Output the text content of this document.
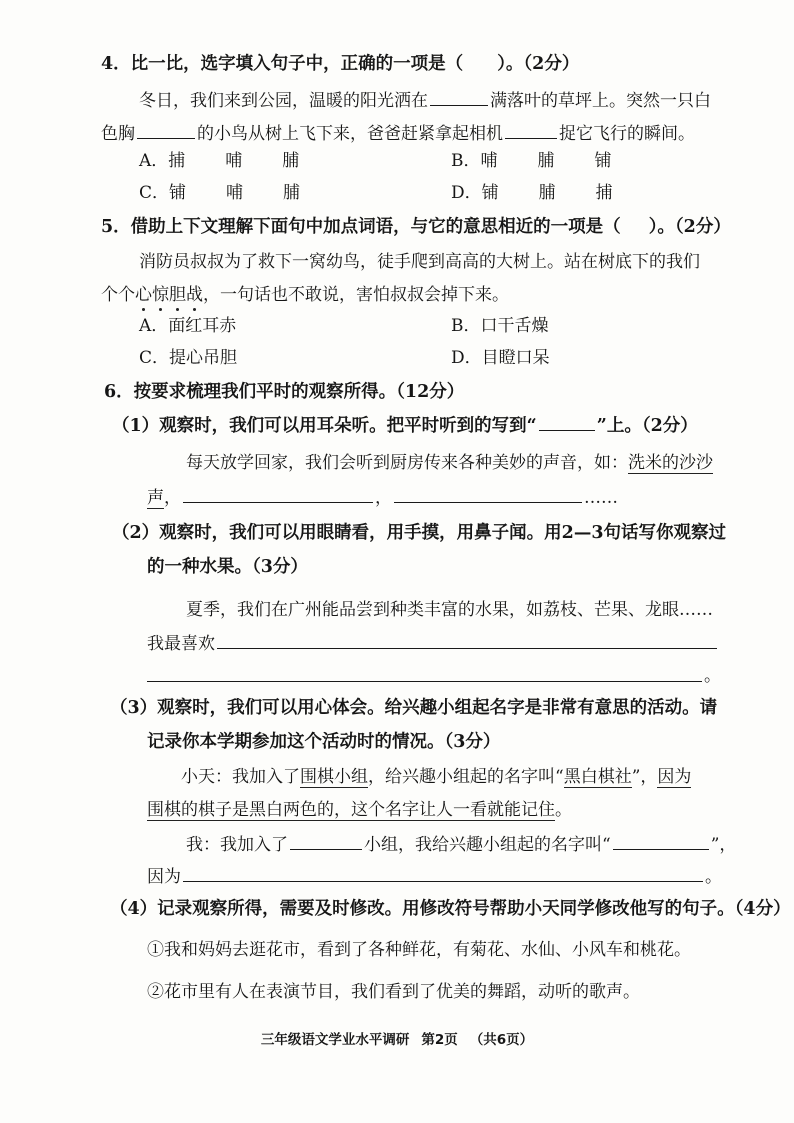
4．比一比，选字填入句子中，正确的一项是（ ）。（2分）
冬日，我们来到公园，温暖的阳光洒在	满落叶的草坪上。突然一只白
色胸	的小鸟从树上飞下来，爸爸赶紧拿起相机	捉它飞行的瞬间。
A．捕 哺 脯	B．哺 脯 铺
C．铺 哺 脯	D．铺 脯 捕
5．借助上下文理解下面句中加点词语，与它的意思相近的一项是（ ）。（2分）
消防员叔叔为了救下一窝幼鸟，徒手爬到高高的大树上。站在树底下的我们
个个心惊胆战，一句话也不敢说，害怕叔叔会掉下来。
A．面红耳赤	B．口干舌燥
C．提心吊胆	D．目瞪口呆
6．按要求梳理我们平时的观察所得。（12分）
（1）观察时，我们可以用耳朵听。把平时听到的写到“	”上。（2分）
每天放学回家，我们会听到厨房传来各种美妙的声音，如：洗米的沙沙
声，	，	……
（2）观察时，我们可以用眼睛看，用手摸，用鼻子闻。用2—3句话写你观察过
的一种水果。（3分）
夏季，我们在广州能品尝到种类丰富的水果，如荔枝、芒果、龙眼……
我最喜欢
。
（3）观察时，我们可以用心体会。给兴趣小组起名字是非常有意思的活动。请
记录你本学期参加这个活动时的情况。（3分）
小天：我加入了围棋小组，给兴趣小组起的名字叫“黑白棋社”，因为
围棋的棋子是黑白两色的，这个名字让人一看就能记住。
我：我加入了	小组，我给兴趣小组起的名字叫“	”，
因为	。
（4）记录观察所得，需要及时修改。用修改符号帮助小天同学修改他写的句子。（4分）
①我和妈妈去逛花市，看到了各种鲜花，有菊花、水仙、小风车和桃花。
②花市里有人在表演节目，我们看到了优美的舞蹈，动听的歌声。
三年级语文学业水平调研 第2页 （共6页）
